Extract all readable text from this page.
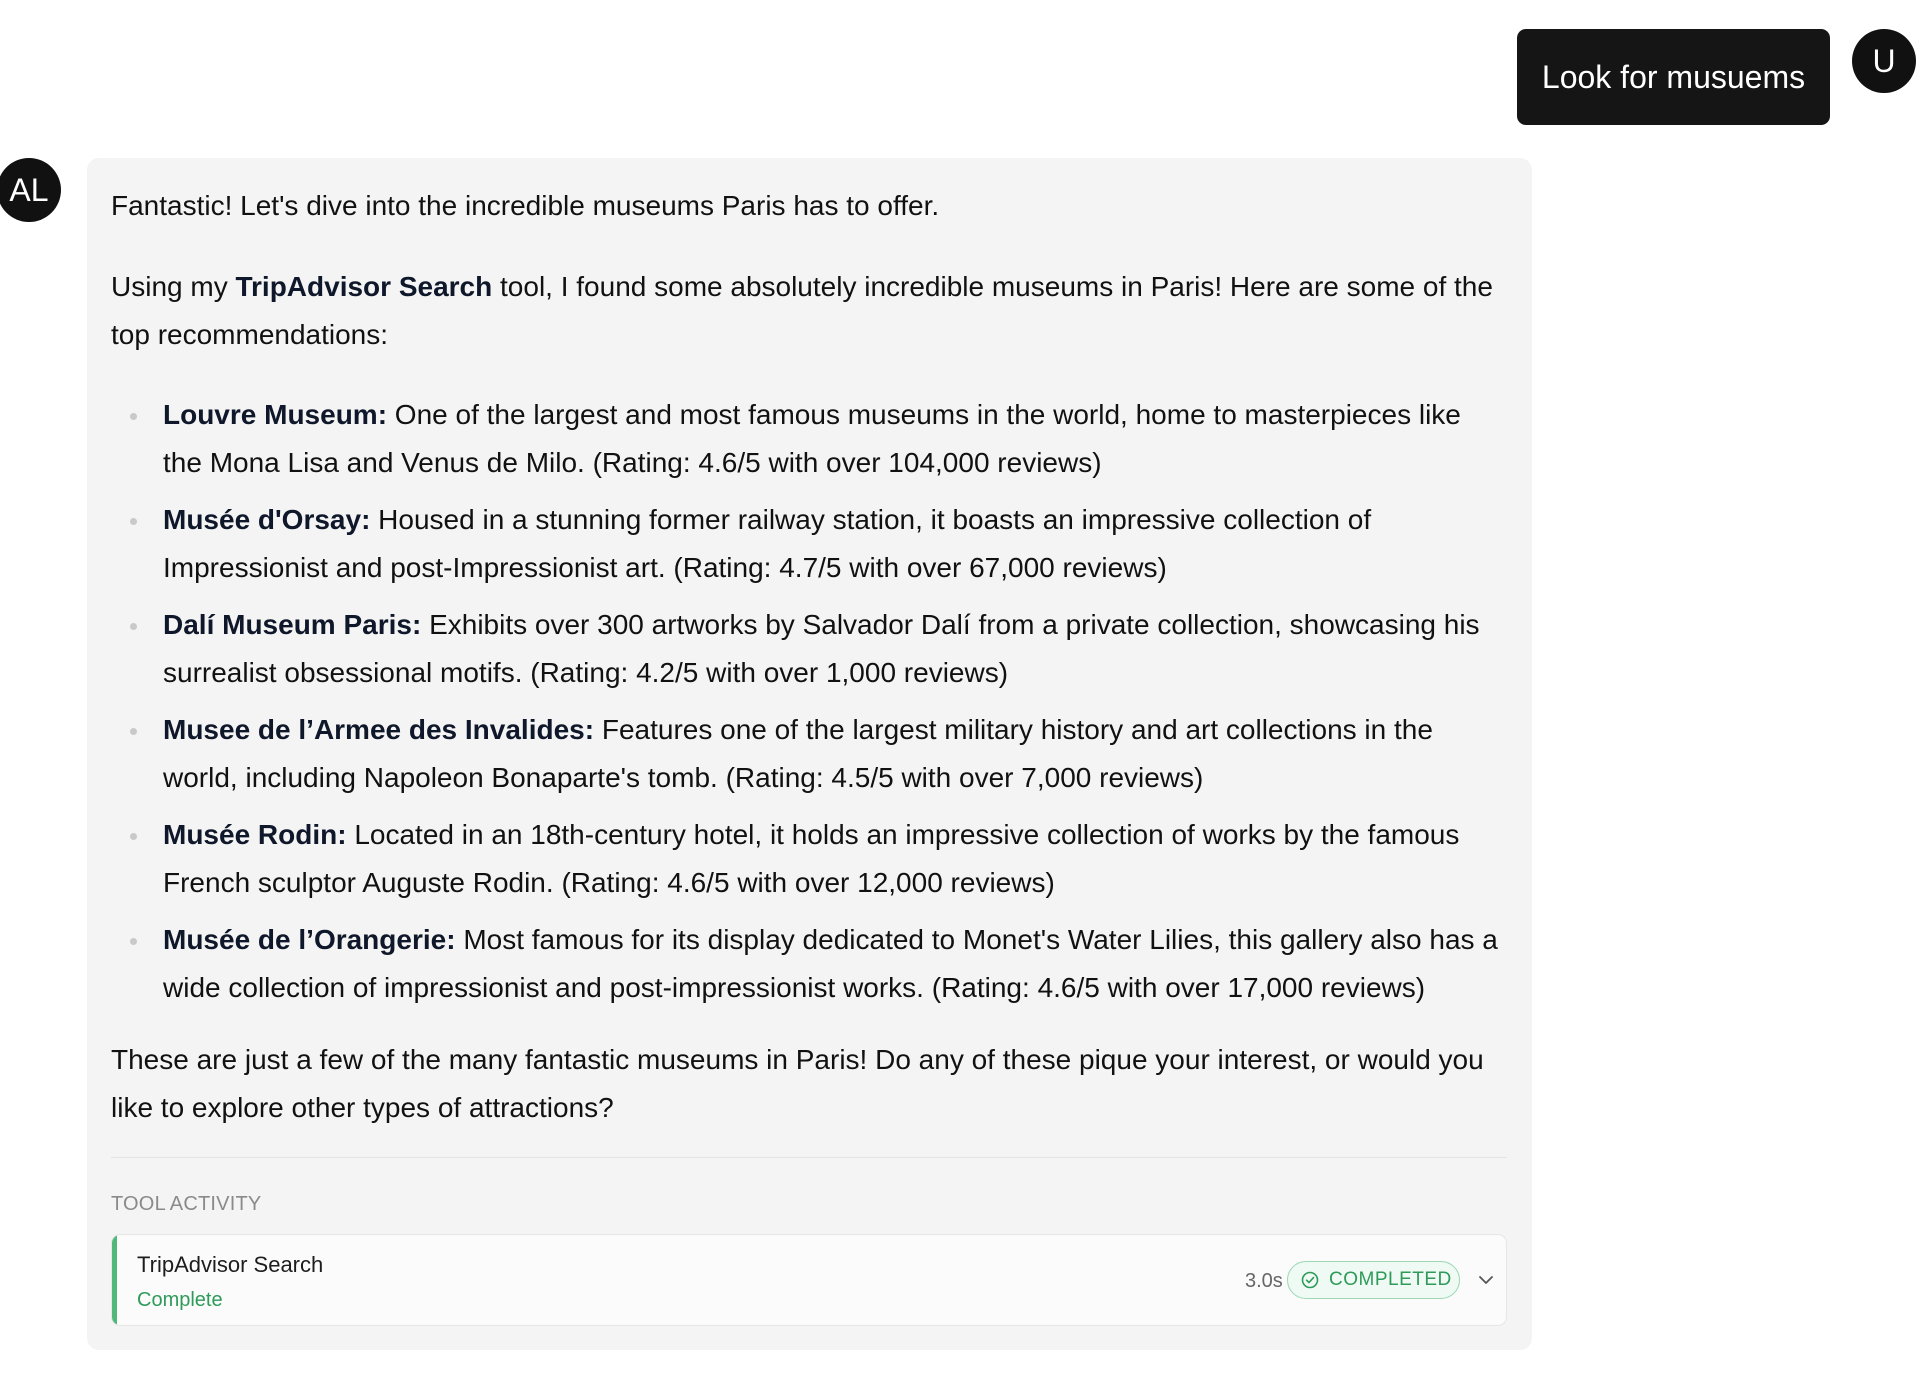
Look for musuems	U
AL	Fantastic! Let's dive into the incredible museums Paris has to offer.

Using my TripAdvisor Search tool, I found some absolutely incredible museums in Paris! Here are some of the top recommendations:

Louvre Museum: One of the largest and most famous museums in the world, home to masterpieces like the Mona Lisa and Venus de Milo. (Rating: 4.6/5 with over 104,000 reviews)
Musée d'Orsay: Housed in a stunning former railway station, it boasts an impressive collection of Impressionist and post-Impressionist art. (Rating: 4.7/5 with over 67,000 reviews)
Dalí Museum Paris: Exhibits over 300 artworks by Salvador Dalí from a private collection, showcasing his surrealist obsessional motifs. (Rating: 4.2/5 with over 1,000 reviews)
Musee de l’Armee des Invalides: Features one of the largest military history and art collections in the world, including Napoleon Bonaparte's tomb. (Rating: 4.5/5 with over 7,000 reviews)
Musée Rodin: Located in an 18th-century hotel, it holds an impressive collection of works by the famous French sculptor Auguste Rodin. (Rating: 4.6/5 with over 12,000 reviews)
Musée de l’Orangerie: Most famous for its display dedicated to Monet's Water Lilies, this gallery also has a wide collection of impressionist and post-impressionist works. (Rating: 4.6/5 with over 17,000 reviews)

These are just a few of the many fantastic museums in Paris! Do any of these pique your interest, or would you like to explore other types of attractions?

TOOL ACTIVITY
TripAdvisor Search
Complete
3.0s COMPLETED
